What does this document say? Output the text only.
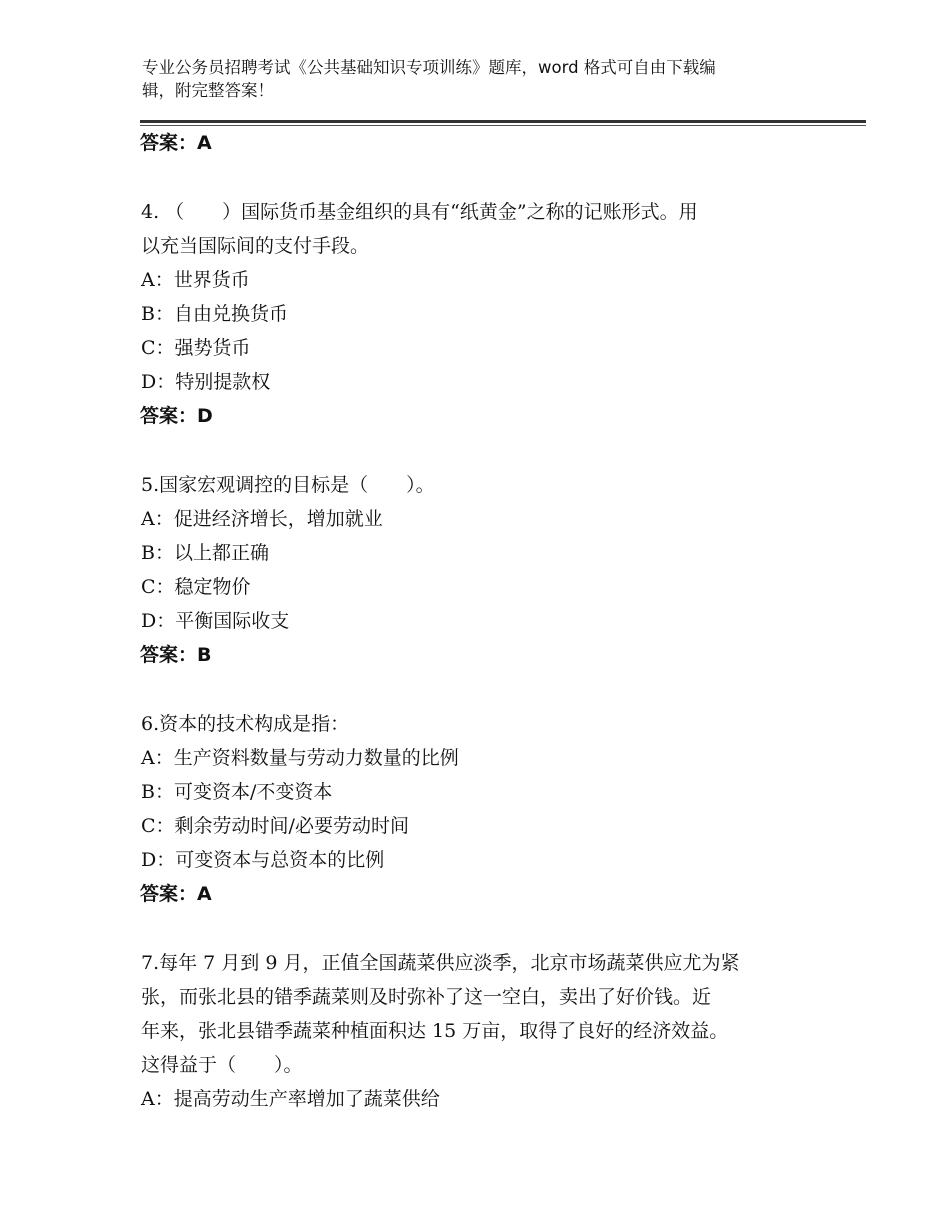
专业公务员招聘考试《公共基础知识专项训练》题库，word 格式可自由下载编
辑，附完整答案！
答案：A
4. （　　）国际货币基金组织的具有“纸黄金”之称的记账形式。用
以充当国际间的支付手段。
A：世界货币
B：自由兑换货币
C：强势货币
D：特别提款权
答案：D
5.国家宏观调控的目标是（　　）。
A：促进经济增长，增加就业
B：以上都正确
C：稳定物价
D：平衡国际收支
答案：B
6.资本的技术构成是指：
A：生产资料数量与劳动力数量的比例
B：可变资本/不变资本
C：剩余劳动时间/必要劳动时间
D：可变资本与总资本的比例
答案：A
7.每年 7 月到 9 月，正值全国蔬菜供应淡季，北京市场蔬菜供应尤为紧
张，而张北县的错季蔬菜则及时弥补了这一空白，卖出了好价钱。近
年来，张北县错季蔬菜种植面积达 15 万亩，取得了良好的经济效益。
这得益于（　　）。
A：提高劳动生产率增加了蔬菜供给
